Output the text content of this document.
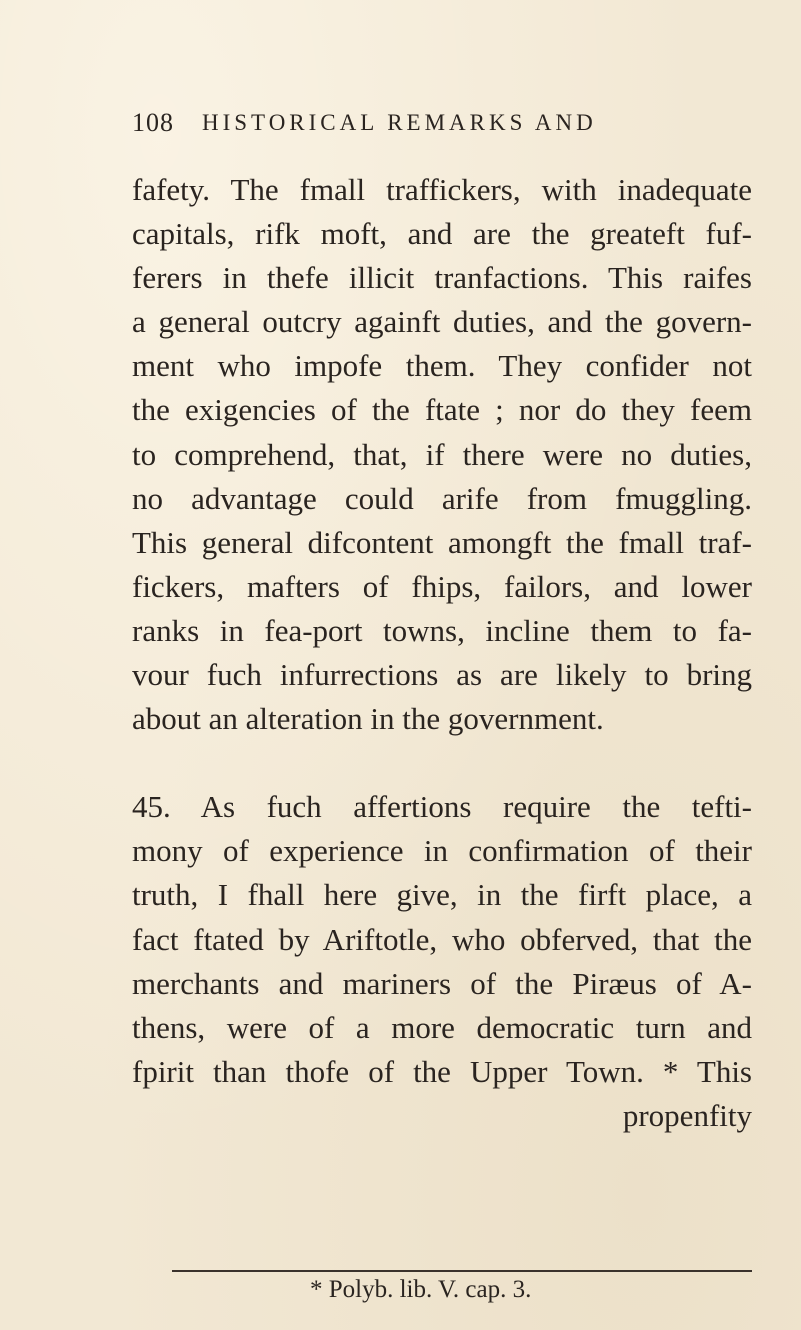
108 HISTORICAL REMARKS AND
fafety. The fmall traffickers, with inadequate
capitals, rifk moft, and are the greateft fuf-
ferers in thefe illicit tranfactions. This raifes
a general outcry againft duties, and the govern-
ment who impofe them. They confider not
the exigencies of the ftate ; nor do they feem
to comprehend, that, if there were no duties,
no advantage could arife from fmuggling.
This general difcontent amongft the fmall traf-
fickers, mafters of fhips, failors, and lower
ranks in fea-port towns, incline them to fa-
vour fuch infurrections as are likely to bring
about an alteration in the government.
45. As fuch affertions require the tefti-
mony of experience in confirmation of their
truth, I fhall here give, in the firft place, a
fact ftated by Ariftotle, who obferved, that the
merchants and mariners of the Piræus of A-
thens, were of a more democratic turn and
fpirit than thofe of the Upper Town. * This
propenfity
* Polyb. lib. V. cap. 3.
